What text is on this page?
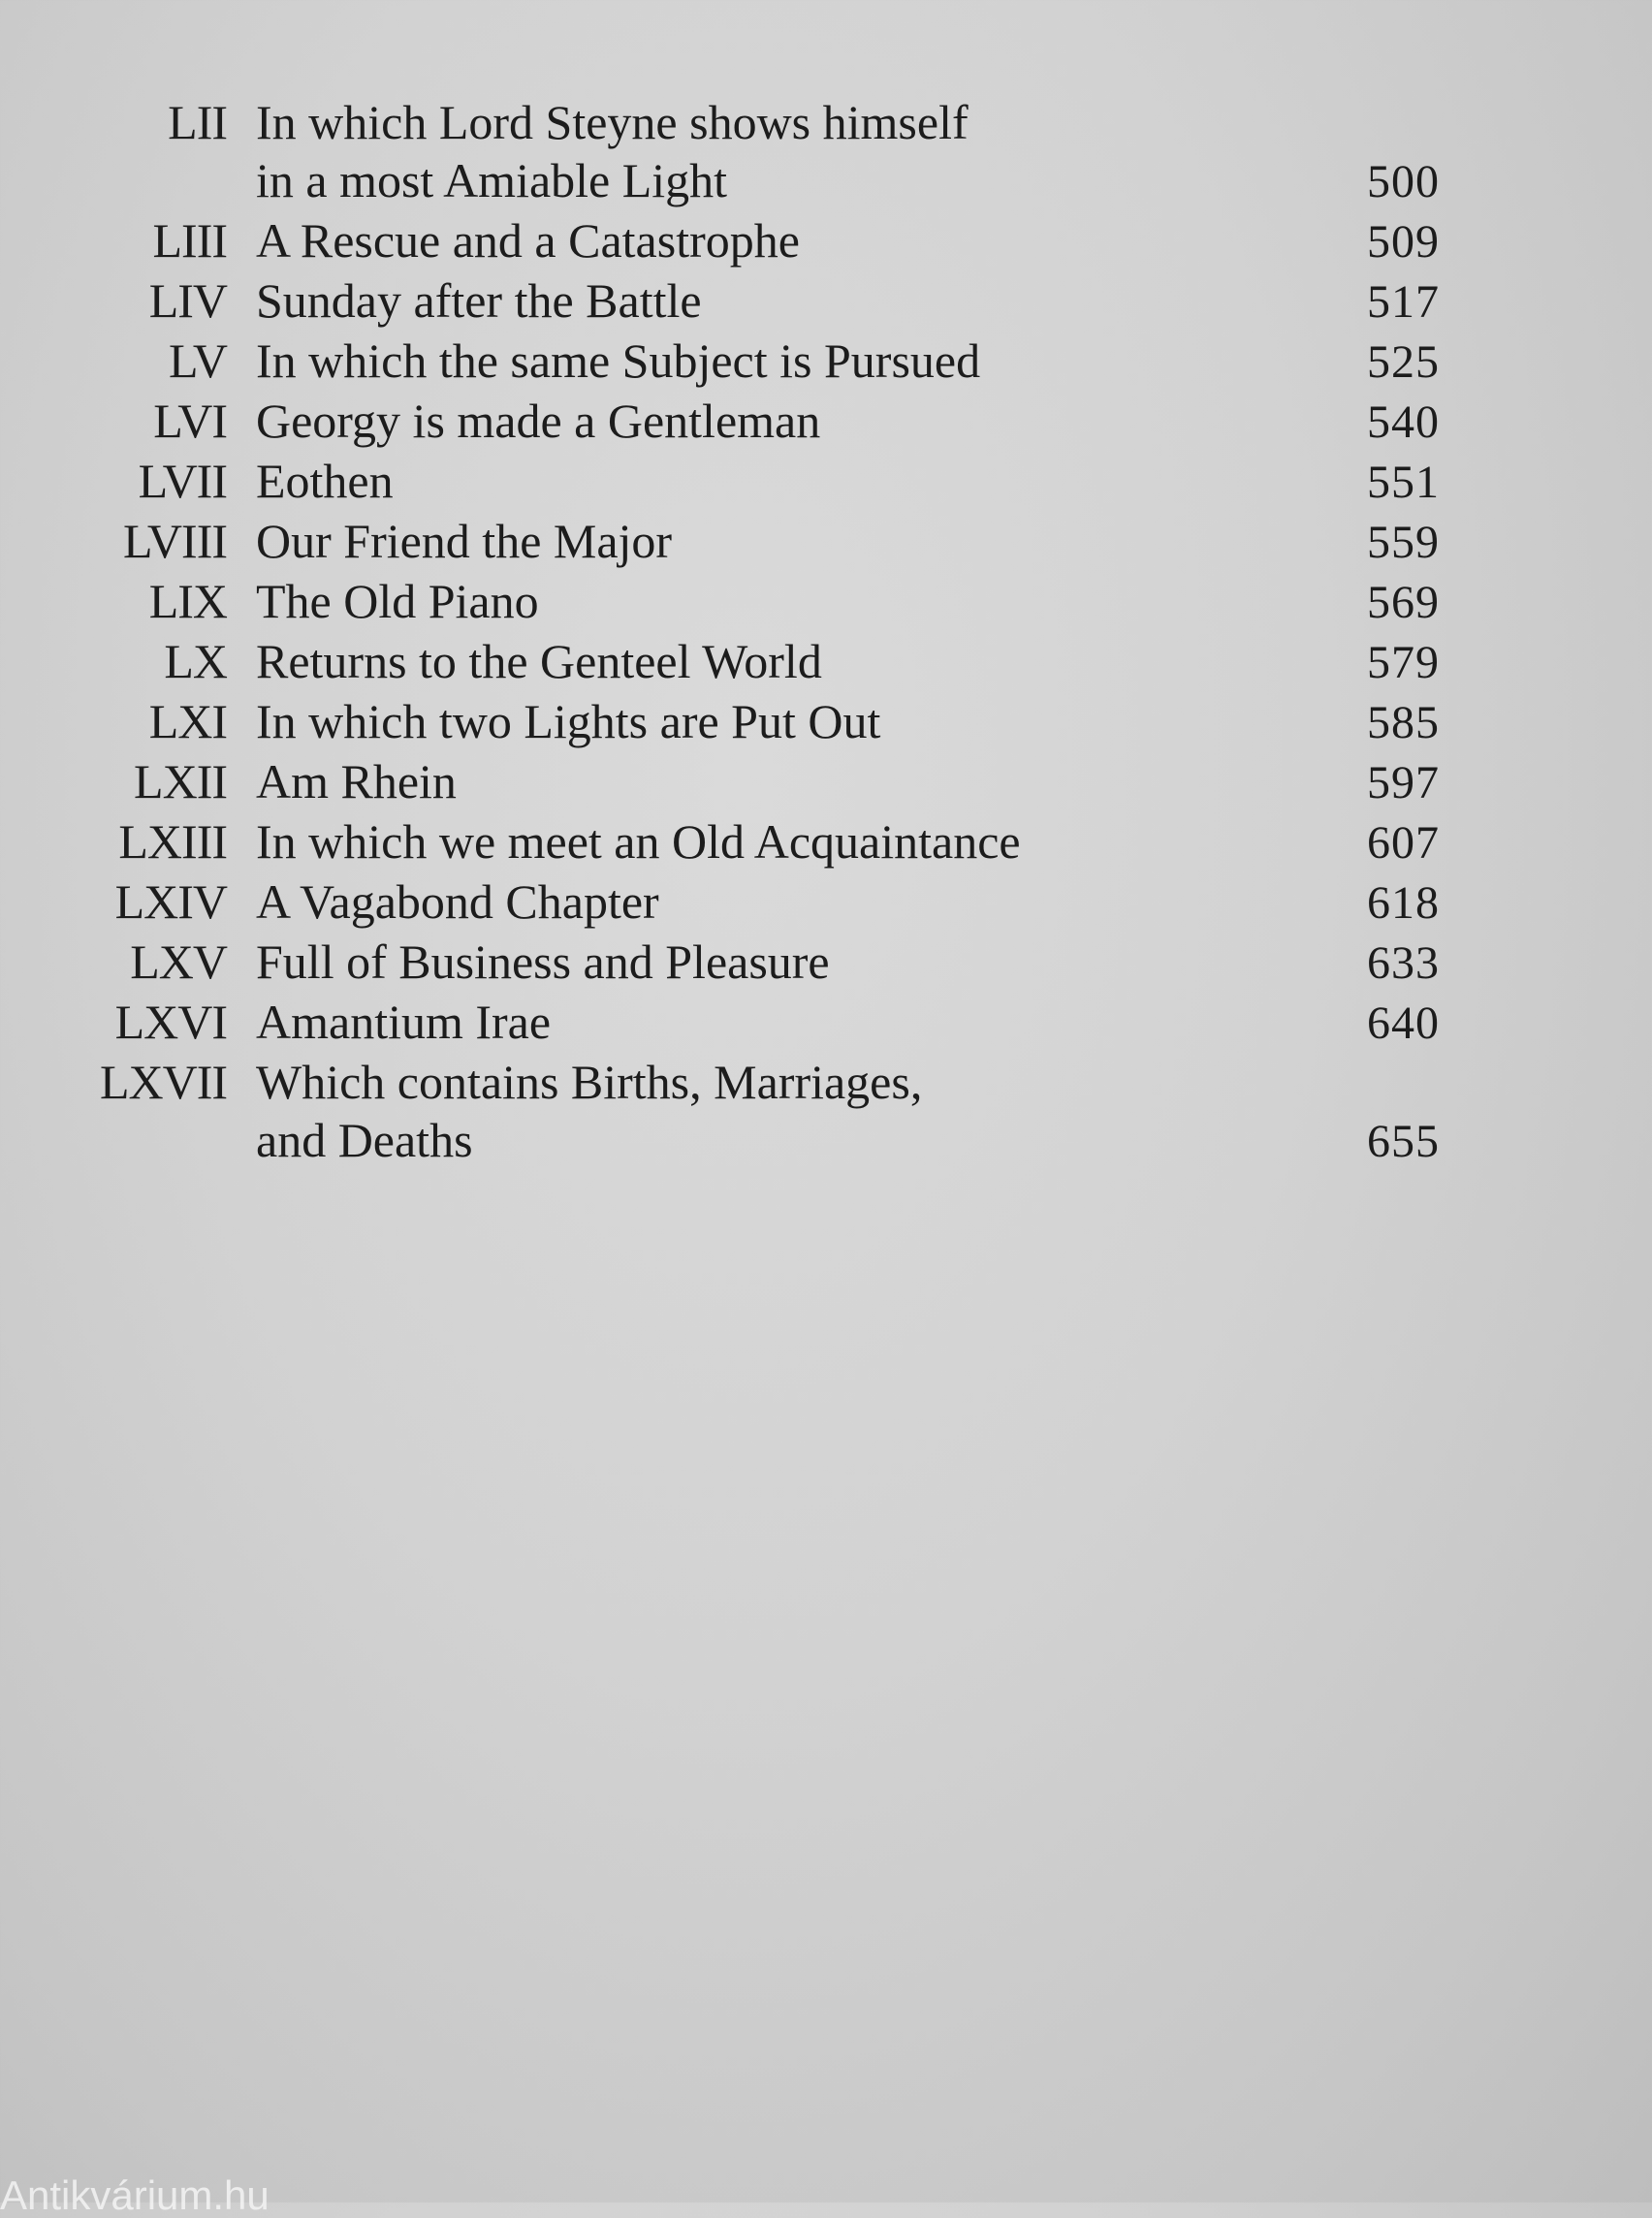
LII In which Lord Steyne shows himself
in a most Amiable Light	500
LIII A Rescue and a Catastrophe	509
LIV Sunday after the Battle	517
LV In which the same Subject is Pursued	525
LVI Georgy is made a Gentleman	540
LVII Eothen	551
LVIII Our Friend the Major	559
LIX The Old Piano	569
LX Returns to the Genteel World	579
LXI In which two Lights are Put Out	585
LXII Am Rhein	597
LXIII In which we meet an Old Acquaintance	607
LXIV A Vagabond Chapter	618
LXV Full of Business and Pleasure	633
LXVI Amantium Irae	640
LXVII Which contains Births, Marriages,
and Deaths	655
Antikvárium.hu
